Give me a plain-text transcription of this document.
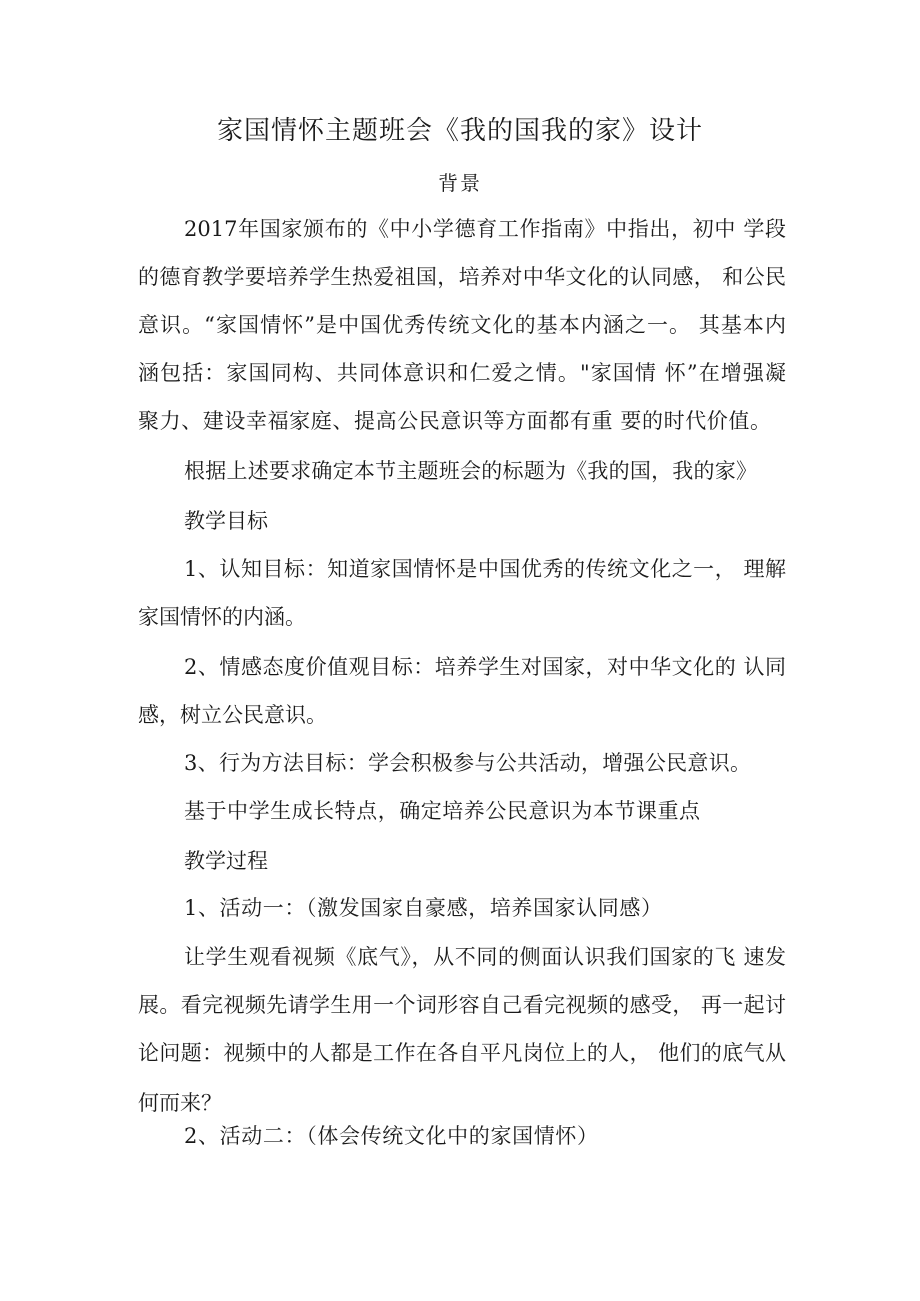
家国情怀主题班会《我的国我的家》设计
背景
2017年国家颁布的《中小学德育工作指南》中指出，初中 学段
的德育教学要培养学生热爱祖国，培养对中华文化的认同感， 和公民
意识。“家国情怀”是中国优秀传统文化的基本内涵之一。 其基本内
涵包括：家国同构、共同体意识和仁爱之情。"家国情 怀”在增强凝
聚力、建设幸福家庭、提高公民意识等方面都有重 要的时代价值。
根据上述要求确定本节主题班会的标题为《我的国，我的家》
教学目标
1、认知目标：知道家国情怀是中国优秀的传统文化之一， 理解
家国情怀的内涵。
2、情感态度价值观目标：培养学生对国家，对中华文化的 认同
感，树立公民意识。
3、行为方法目标：学会积极参与公共活动，增强公民意识。
基于中学生成长特点，确定培养公民意识为本节课重点
教学过程
1、活动一：（激发国家自豪感，培养国家认同感）
让学生观看视频《底气》，从不同的侧面认识我们国家的飞 速发
展。看完视频先请学生用一个词形容自己看完视频的感受， 再一起讨
论问题：视频中的人都是工作在各自平凡岗位上的人， 他们的底气从
何而来？
2、活动二：（体会传统文化中的家国情怀）
